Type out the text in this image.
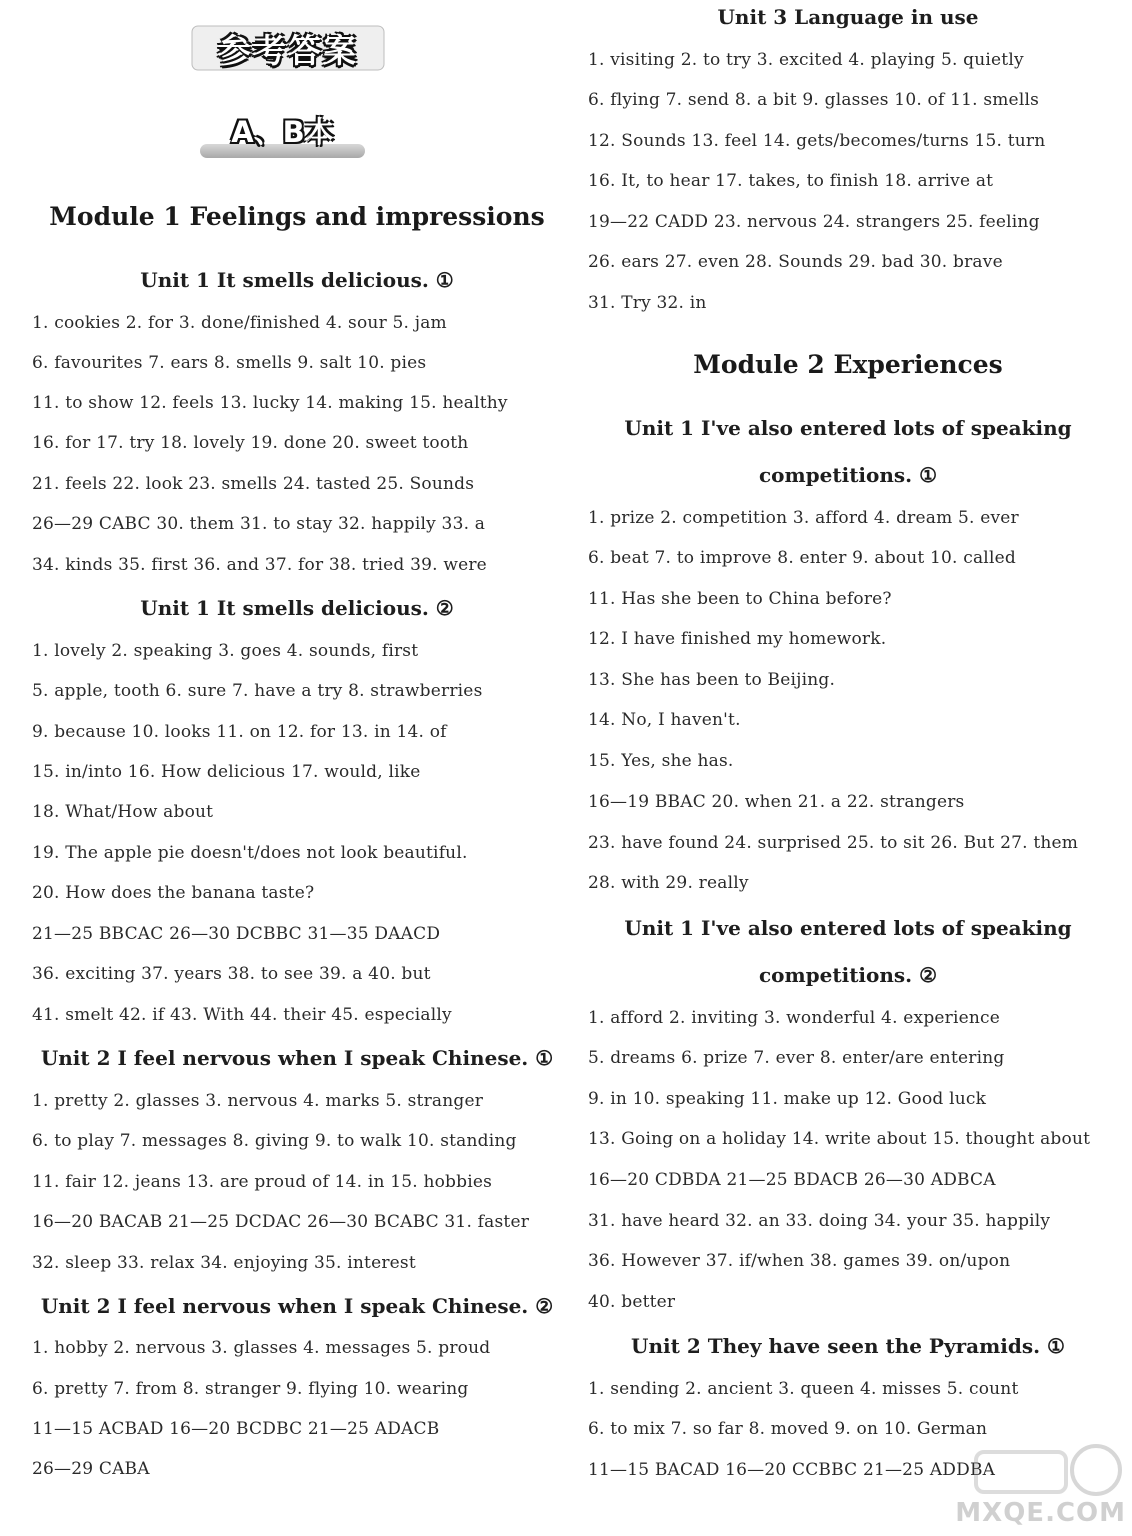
参考答案
A、B本
Module 1 Feelings and impressions
Unit 1 It smells delicious. ①
1. cookies 2. for 3. done/finished 4. sour 5. jam
6. favourites 7. ears 8. smells 9. salt 10. pies
11. to show 12. feels 13. lucky 14. making 15. healthy
16. for 17. try 18. lovely 19. done 20. sweet tooth
21. feels 22. look 23. smells 24. tasted 25. Sounds
26—29 CABC 30. them 31. to stay 32. happily 33. a
34. kinds 35. first 36. and 37. for 38. tried 39. were
Unit 1 It smells delicious. ②
1. lovely 2. speaking 3. goes 4. sounds, first
5. apple, tooth 6. sure 7. have a try 8. strawberries
9. because 10. looks 11. on 12. for 13. in 14. of
15. in/into 16. How delicious 17. would, like
18. What/How about
19. The apple pie doesn't/does not look beautiful.
20. How does the banana taste?
21—25 BBCAC 26—30 DCBBC 31—35 DAACD
36. exciting 37. years 38. to see 39. a 40. but
41. smelt 42. if 43. With 44. their 45. especially
Unit 2 I feel nervous when I speak Chinese. ①
1. pretty 2. glasses 3. nervous 4. marks 5. stranger
6. to play 7. messages 8. giving 9. to walk 10. standing
11. fair 12. jeans 13. are proud of 14. in 15. hobbies
16—20 BACAB 21—25 DCDAC 26—30 BCABC 31. faster
32. sleep 33. relax 34. enjoying 35. interest
Unit 2 I feel nervous when I speak Chinese. ②
1. hobby 2. nervous 3. glasses 4. messages 5. proud
6. pretty 7. from 8. stranger 9. flying 10. wearing
11—15 ACBAD 16—20 BCDBC 21—25 ADACB
26—29 CABA
Unit 3 Language in use
1. visiting 2. to try 3. excited 4. playing 5. quietly
6. flying 7. send 8. a bit 9. glasses 10. of 11. smells
12. Sounds 13. feel 14. gets/becomes/turns 15. turn
16. It, to hear 17. takes, to finish 18. arrive at
19—22 CADD 23. nervous 24. strangers 25. feeling
26. ears 27. even 28. Sounds 29. bad 30. brave
31. Try 32. in
Module 2 Experiences
Unit 1 I've also entered lots of speaking
competitions. ①
1. prize 2. competition 3. afford 4. dream 5. ever
6. beat 7. to improve 8. enter 9. about 10. called
11. Has she been to China before?
12. I have finished my homework.
13. She has been to Beijing.
14. No, I haven't.
15. Yes, she has.
16—19 BBAC 20. when 21. a 22. strangers
23. have found 24. surprised 25. to sit 26. But 27. them
28. with 29. really
Unit 1 I've also entered lots of speaking
competitions. ②
1. afford 2. inviting 3. wonderful 4. experience
5. dreams 6. prize 7. ever 8. enter/are entering
9. in 10. speaking 11. make up 12. Good luck
13. Going on a holiday 14. write about 15. thought about
16—20 CDBDA 21—25 BDACB 26—30 ADBCA
31. have heard 32. an 33. doing 34. your 35. happily
36. However 37. if/when 38. games 39. on/upon
40. better
Unit 2 They have seen the Pyramids. ①
1. sending 2. ancient 3. queen 4. misses 5. count
6. to mix 7. so far 8. moved 9. on 10. German
11—15 BACAD 16—20 CCBBC 21—25 ADDBA
MXQE.COM
